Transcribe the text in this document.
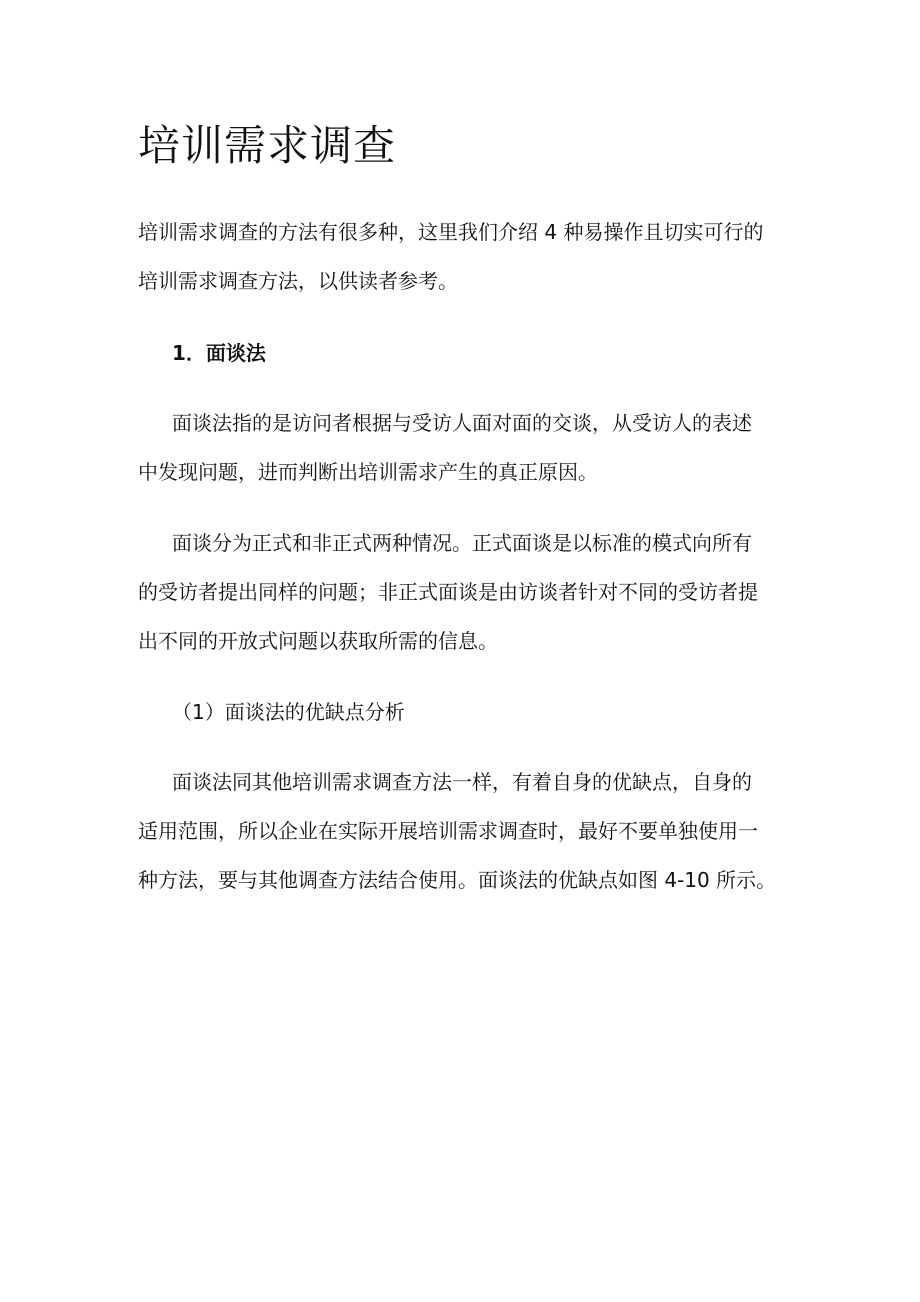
培训需求调查
培训需求调查的方法有很多种，这里我们介绍 4 种易操作且切实可行的
培训需求调查方法，以供读者参考。
1．面谈法
面谈法指的是访问者根据与受访人面对面的交谈，从受访人的表述
中发现问题，进而判断出培训需求产生的真正原因。
面谈分为正式和非正式两种情况。正式面谈是以标准的模式向所有
的受访者提出同样的问题；非正式面谈是由访谈者针对不同的受访者提
出不同的开放式问题以获取所需的信息。
（1）面谈法的优缺点分析
面谈法同其他培训需求调查方法一样，有着自身的优缺点，自身的
适用范围，所以企业在实际开展培训需求调查时，最好不要单独使用一
种方法，要与其他调查方法结合使用。面谈法的优缺点如图 4-10 所示。
